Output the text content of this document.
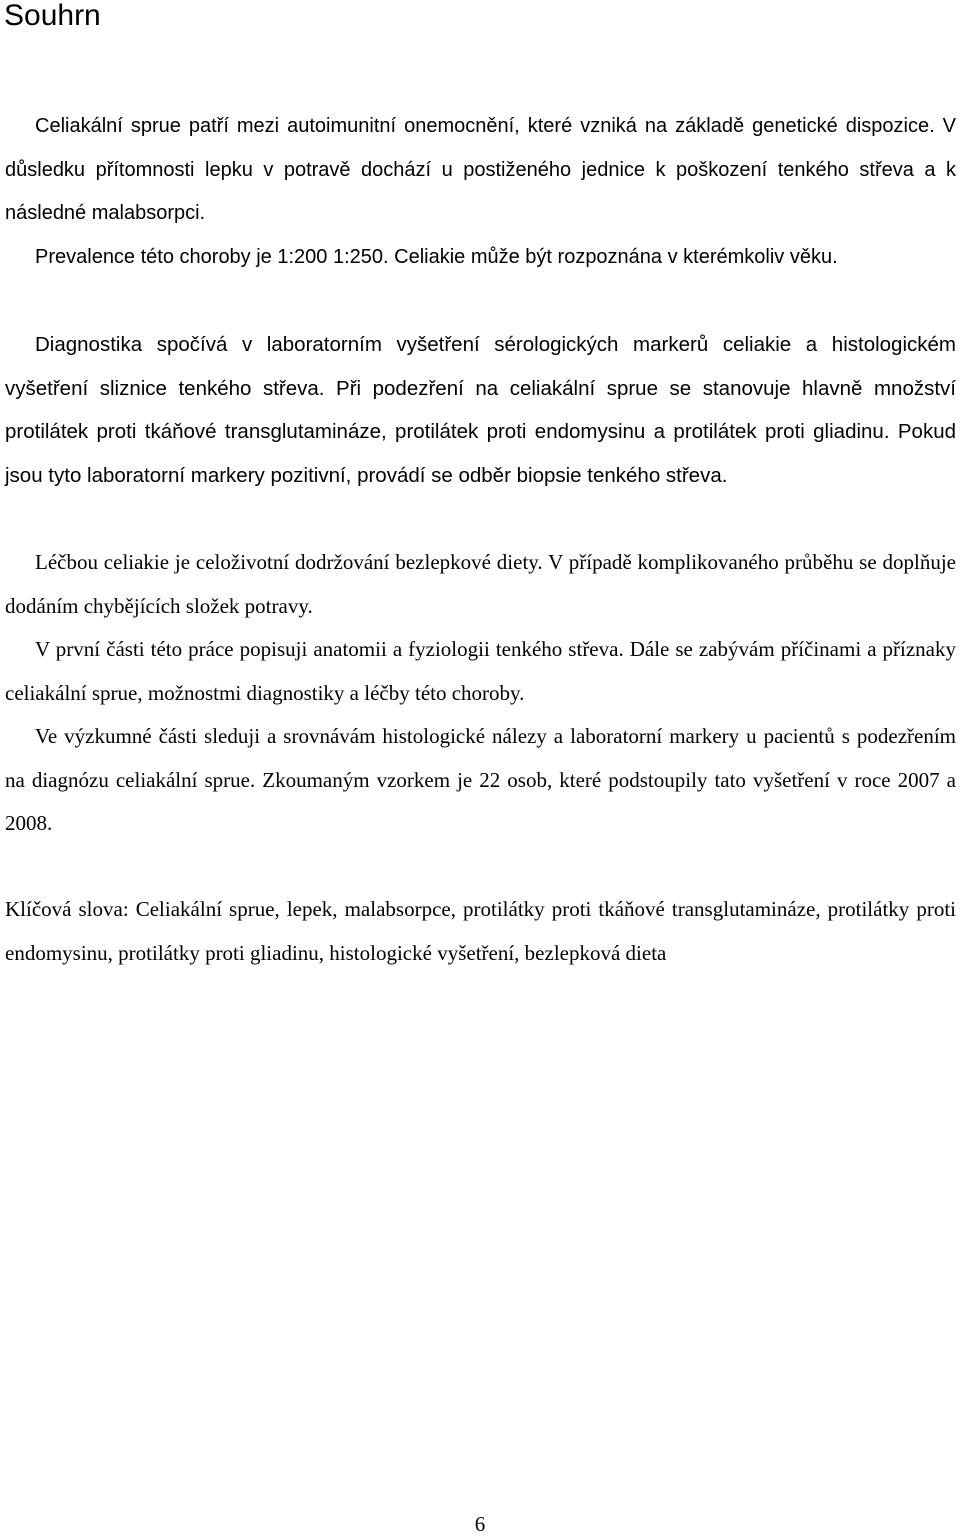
Souhrn

Celiakální sprue patří mezi autoimunitní onemocnění, které vzniká na základě genetické dispozice. V důsledku přítomnosti lepku v potravě dochází u postiženého jednice k poškození tenkého střeva a k následné malabsorpci.

Prevalence této choroby je 1:200 1:250. Celiakie může být rozpoznána v kterémkoliv věku.

Diagnostika spočívá v laboratorním vyšetření sérologických markerů celiakie a histologickém vyšetření sliznice tenkého střeva. Při podezření na celiakální sprue se stanovuje hlavně množství protilátek proti tkáňové transglutamináze, protilátek proti endomysinu a protilátek proti gliadinu. Pokud jsou tyto laboratorní markery pozitivní, provádí se odběr biopsie tenkého střeva.

Léčbou celiakie je celoživotní dodržování bezlepkové diety. V případě komplikovaného průběhu se doplňuje dodáním chybějících složek potravy.

V první části této práce popisuji anatomii a fyziologii tenkého střeva. Dále se zabývám příčinami a příznaky celiakální sprue, možnostmi diagnostiky a léčby této choroby.

Ve výzkumné části sleduji a srovnávám histologické nálezy a laboratorní markery u pacientů s podezřením na diagnózu celiakální sprue. Zkoumaným vzorkem je 22 osob, které podstoupily tato vyšetření v roce 2007 a 2008.

Klíčová slova: Celiakální sprue, lepek, malabsorpce, protilátky proti tkáňové transglutamináze, protilátky proti endomysinu, protilátky proti gliadinu, histologické vyšetření, bezlepková dieta

6
